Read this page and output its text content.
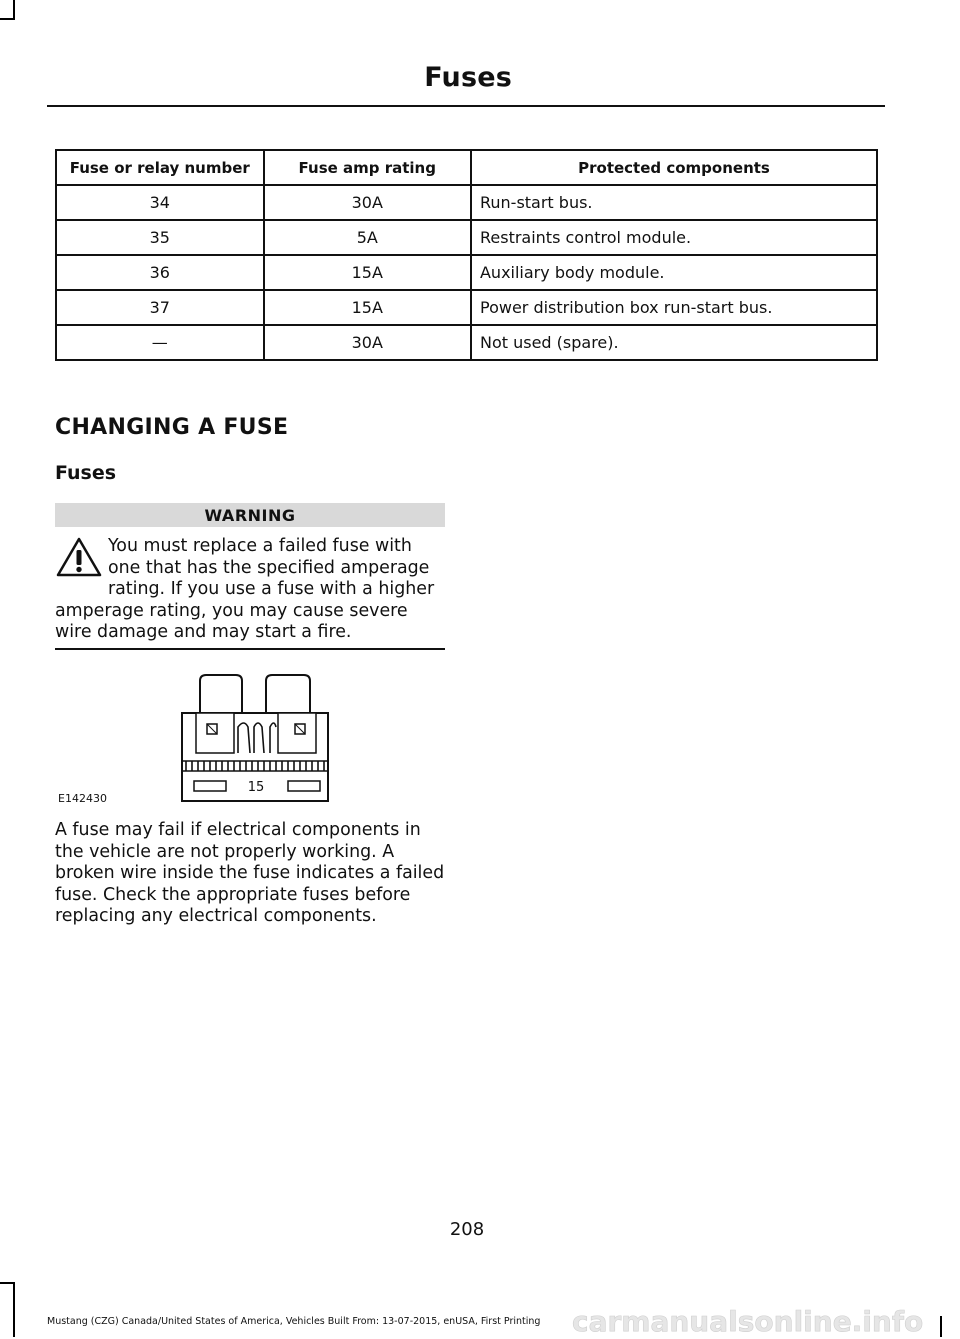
Fuses
Fuse or relay number	Fuse amp rating	Protected components
34	30A	Run-start bus.
35	5A	Restraints control module.
36	15A	Auxiliary body module.
37	15A	Power distribution box run-start bus.
—	30A	Not used (spare).
CHANGING A FUSE
Fuses
WARNING
You must replace a failed fuse with one that has the specified amperage rating. If you use a fuse with a higher amperage rating, you may cause severe wire damage and may start a fire.
15
E142430
A fuse may fail if electrical components in the vehicle are not properly working. A broken wire inside the fuse indicates a failed fuse. Check the appropriate fuses before replacing any electrical components.
208
Mustang (CZG) Canada/United States of America, Vehicles Built From: 13-07-2015, enUSA, First Printing carmanualsonline.info
